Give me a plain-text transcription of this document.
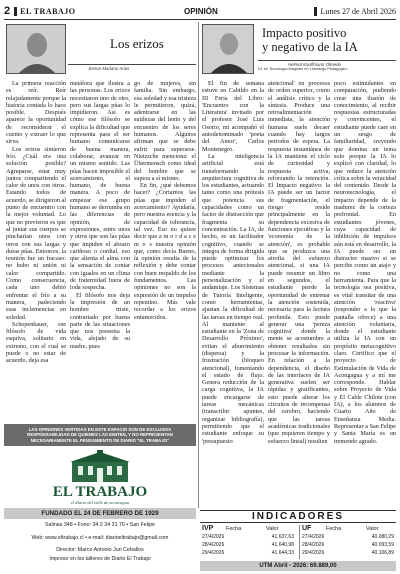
2	EL TRABAJO	OPINIÓN	Lunes 27 de Abril 2026
Los erizos
Jerson Mariano Arias

La primera reacción es reír. Reír relajadamente porque la historia contada lo hace posible. Después aparece la oportunidad de reconsiderar el cuento y extraer lo que sirva.

Los erizos sintieron frío. ¿Cuál era una solución posible? Agruparse, estar muy juntos compartiendo el calor de unos con otros. Estando todos de acuerdo, se dirigieron al punto de encuentro con la mejor voluntad. Lo que no previeron es que al juntar sus cuerpos se pincharían unos con otros con sus largas y duras púas. Entonces, la reunión fue un fracaso: no hubo ni unión ni calor compartido. Como consecuencia, cada uno debió enfrentar el frío a su manera, padeciendo esas inclemencias en soledad.

Schopenhauer, ese filósofo de vida esquiva, solitario en extremo, con el cual se puede o no estar de acuerdo, deja esa

metáfora que ilustra a las personas. Los erizos necesitaron uno de otro, pero sus largas púas lo impidieron. Así es cómo ese filósofo se explica la dificultad que representa para el ser humano comunicarse de buena manera, colaborar, avanzar en un mismo sentido. Las púas hacen imposible el acercamiento, el humano, de buena manera. A poco de empezar ese grupo humano se derrumba en las diferencias de opinión, de expresiones, entre unos y otros que son las púas que impiden el abrazo cariñoso o cordial, eso que alienta el alma con la sensación de contar con iguales en un clima de fraternidad fuera de toda sospecha.

El filósofo nos deja la impresión de un hombre triste, contrariado por buena parte de las situaciones que nos presenta la vida, alejado de su madre, pues

go de mujeres, sin familia. Sin embargo, esa soledad y esa tristeza le permitieron, quizá, adentrarse en las sutilezas del lento y del encuentro de los seres humanos. Algunos afirman que se debe sufrir para superarse. Nietzsche menciona: el Übermensch como ideal del hombre que se supera a sí mismo.

En fin, ¿qué debemos hacer? ¿Cortarnos las púas que impiden el acercamiento? Ayudaría, pero nuestra esencia y la capacidad de tolerancia, tal vez. Eso no quiere decir que a m o r d a c e m o s nuestra opinión que, como decía Bueno, la opinión resulta de la reflexión y debe contar con buen respaldo de los fundamentos. Las opiniones no son la expresión de un impulso repentino. Más vale recordar a los erizos entumecidos.

Impacto positivo
y negativo de la IA
Helmut Kauffmann Olmedo
Dr. en Tecnología Magíster en Liderazgo Pedagógico

El fin de semana estuve en Cabildo en la III Feria del Libro: 'Encuentro con la Literatura' invitado por el profesor José Luis Osorio, mi acompañó el autodenominado 'poeta del Amor', Carlos Montenegro.

La inteligencia artificial está transformando la arquitectura cognitiva de los estudiantes, actuando tanto como una prótesis que potencia sus capacidades como un factor de distracción que fragmenta su concentración. La IA, de hecho, es un facilitador cognitivo, cuando se integra de forma dirigida puede optimizar los procesos antecionales mediante la personalización y el andamiaje. Los Sistemas de Tutoría Inteligente, como herramientas, ajustan la dificultad de las tareas en tiempo real. Al mantener al estudiante en la 'Zona de Desarrollo Próximo', evitan el aburrimiento (dispersa) y la frustración (bloqueo atencional), fomentando el estado de flujo. Genera reducción de la carga cognitiva, la IA puede encargarse de tareas mecánicas (transcribir apuntes, organizar bibliografía), permitiendo que el estudiante enfoque su 'presupuesto

atencional' en procesos de orden superior, como el análisis crítico y la síntesis. Produce una retroalimentación inmediata, la atención humana suele decaer cuando hay largos periodos de espera. La respuesta instantánea de la IA mantiene el ciclo de curiosidad y respuesta activa, reforzando la retención. El Impacto negativo: la IA puede ser un factor de fragmentación, el riesgo reside principalmente en la dependencia excesiva de funciones ejecutivas y la 'economía de la atención', es probable que se produzca una atrofia del esfuerzo atencional, si una IA puede resumir un libro en segundos, el estudiante pierde la oportunidad de entrenar la atención sostenida, necesaria para la lectura profunda. Esto puede generar una 'pereza cognitiva' donde la mente se acostumbre a obtener resultados sin procesar la información. En relación a la dependencia, el diseño de las interfaces de IA generativa suelen ser rápidas y gratificantes, esto puede alterar los circuitos de recompensa del cerebro, haciendo que las tareas académicas tradicionales (que requieren tiempo y esfuerzo lineal) resulten

poco estimulantes en comparación, pudiendo crear una ilusión de conocimiento, al recibir respuestas estructuradas y convincentes, el estudiante puede caer en un sesgo de familiaridad, creyendo que domina un tema solo porque la IA lo explicó con claridad, lo que reduce la atención crítica sobre la veracidad del contenido. Desde la neurotecnología, el impacto depende de la madurez de la corteza prefrontal. En estudiantes jóvenes, cuya capacidad de inhibición de impulsos aún está en desarrollo, la IA puede ser un distractor masivo si se percibe como un atajo y no como una herramienta. Para que la tecnología sea positiva, es vital transitar de una atención 'reactiva' (responder a lo que la pantalla ofrece) a una atención voluntaria, donde el estudiante utiliza la IA con un propósito metacognitivo claro. Certifico que el proyecto de Estimulación de Vida de Acongagua y a mí me corresponde. Hablar sobre Proyecto de Vida y El Cable Chilote (con IA), a los alumnos de Cuarto Año de Enseñanza Media. Representar a San Felipe y Santa María es un tremendo agrado.

LAS OPINIONES VERTIDAS EN ESTE ESPACIO SON DE EXCLUSIVA RESPONSABILIDAD DE QUIENES LAS EMITEN, Y NO REPRESENTAN NECESARIAMENTE EL PENSAMIENTO DE DIARIO "EL TRABAJO"
EL TRABAJO
el diario del valle de aconcagua
FUNDADO EL 24 DE FEBRERO DE 1929
Salinas 348 • Fono: 34 2 34 31 70 • San Felipe
Web: www.eltrabajo.cl • e-mail: diarioeltrabajo@gmail.com
Director: Marco Antonio Juri Ceballos
Impreso en los talleres de Diario El Trabajo
INDICADORES
IVP	Fecha	Valor
27/4/2026	41.637,63
28/4/2026	41.640,98
29/4/2026	41.644,33
UF	Fecha	Valor
27/4/2026	40.080,29
28/4/2026	40.093,59
29/4/2026	40.106,89
UTM Abril - 2026: 69.889,00
